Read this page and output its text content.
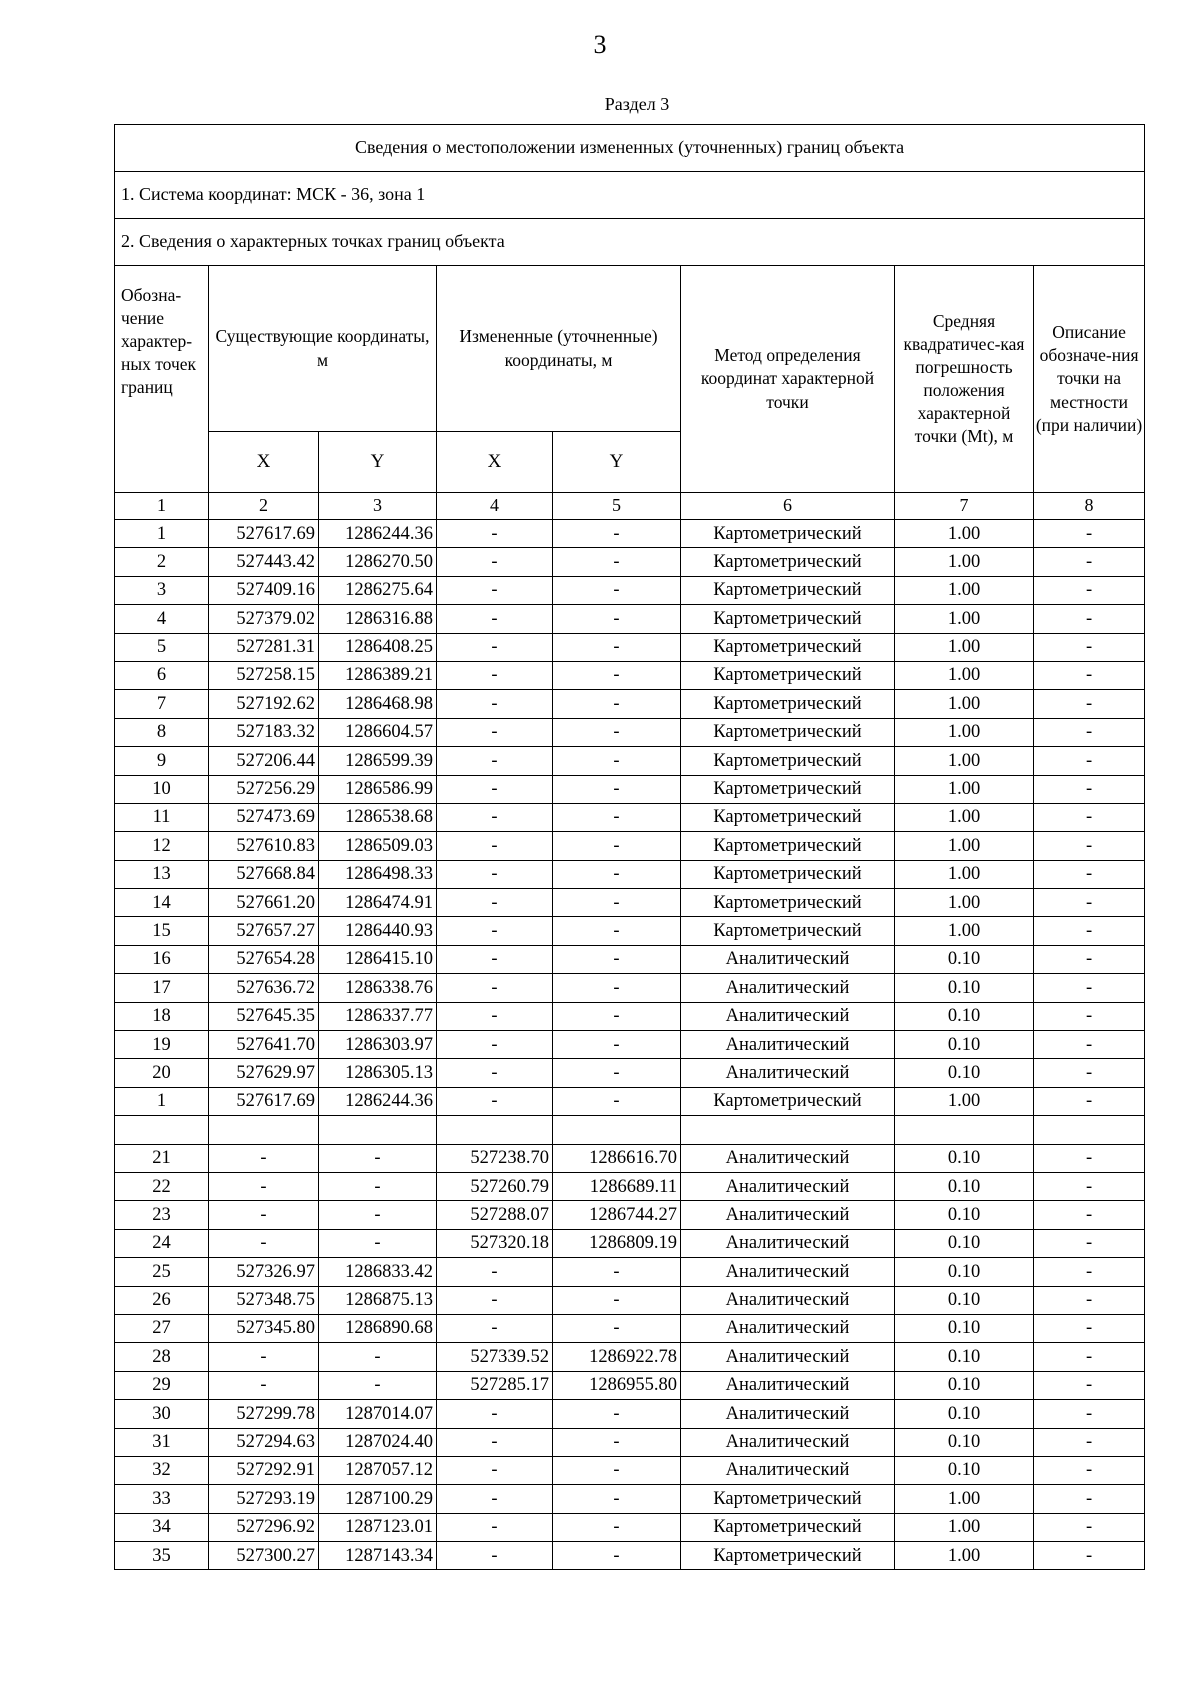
3
Раздел 3
Сведения о местоположении измененных (уточненных) границ объекта							
1. Система координат: МСК - 36, зона 1							
2. Сведения о характерных точках границ объекта							
Обозна-чение характер-ных точек границ	Существующие координаты, м		Измененные (уточненные) координаты, м		Метод определения координат характерной точки	Средняя квадратичес-кая погрешность положения характерной точки (Mt), м	Описание обозначе-ния точки на местности (при наличии)
	X	Y	X	Y			
1	2	3	4	5	6	7	8
1	527617.69	1286244.36	-	-	Картометрический	1.00	-
2	527443.42	1286270.50	-	-	Картометрический	1.00	-
3	527409.16	1286275.64	-	-	Картометрический	1.00	-
4	527379.02	1286316.88	-	-	Картометрический	1.00	-
5	527281.31	1286408.25	-	-	Картометрический	1.00	-
6	527258.15	1286389.21	-	-	Картометрический	1.00	-
7	527192.62	1286468.98	-	-	Картометрический	1.00	-
8	527183.32	1286604.57	-	-	Картометрический	1.00	-
9	527206.44	1286599.39	-	-	Картометрический	1.00	-
10	527256.29	1286586.99	-	-	Картометрический	1.00	-
11	527473.69	1286538.68	-	-	Картометрический	1.00	-
12	527610.83	1286509.03	-	-	Картометрический	1.00	-
13	527668.84	1286498.33	-	-	Картометрический	1.00	-
14	527661.20	1286474.91	-	-	Картометрический	1.00	-
15	527657.27	1286440.93	-	-	Картометрический	1.00	-
16	527654.28	1286415.10	-	-	Аналитический	0.10	-
17	527636.72	1286338.76	-	-	Аналитический	0.10	-
18	527645.35	1286337.77	-	-	Аналитический	0.10	-
19	527641.70	1286303.97	-	-	Аналитический	0.10	-
20	527629.97	1286305.13	-	-	Аналитический	0.10	-
1	527617.69	1286244.36	-	-	Картометрический	1.00	-

21	-	-	527238.70	1286616.70	Аналитический	0.10	-
22	-	-	527260.79	1286689.11	Аналитический	0.10	-
23	-	-	527288.07	1286744.27	Аналитический	0.10	-
24	-	-	527320.18	1286809.19	Аналитический	0.10	-
25	527326.97	1286833.42	-	-	Аналитический	0.10	-
26	527348.75	1286875.13	-	-	Аналитический	0.10	-
27	527345.80	1286890.68	-	-	Аналитический	0.10	-
28	-	-	527339.52	1286922.78	Аналитический	0.10	-
29	-	-	527285.17	1286955.80	Аналитический	0.10	-
30	527299.78	1287014.07	-	-	Аналитический	0.10	-
31	527294.63	1287024.40	-	-	Аналитический	0.10	-
32	527292.91	1287057.12	-	-	Аналитический	0.10	-
33	527293.19	1287100.29	-	-	Картометрический	1.00	-
34	527296.92	1287123.01	-	-	Картометрический	1.00	-
35	527300.27	1287143.34	-	-	Картометрический	1.00	-
